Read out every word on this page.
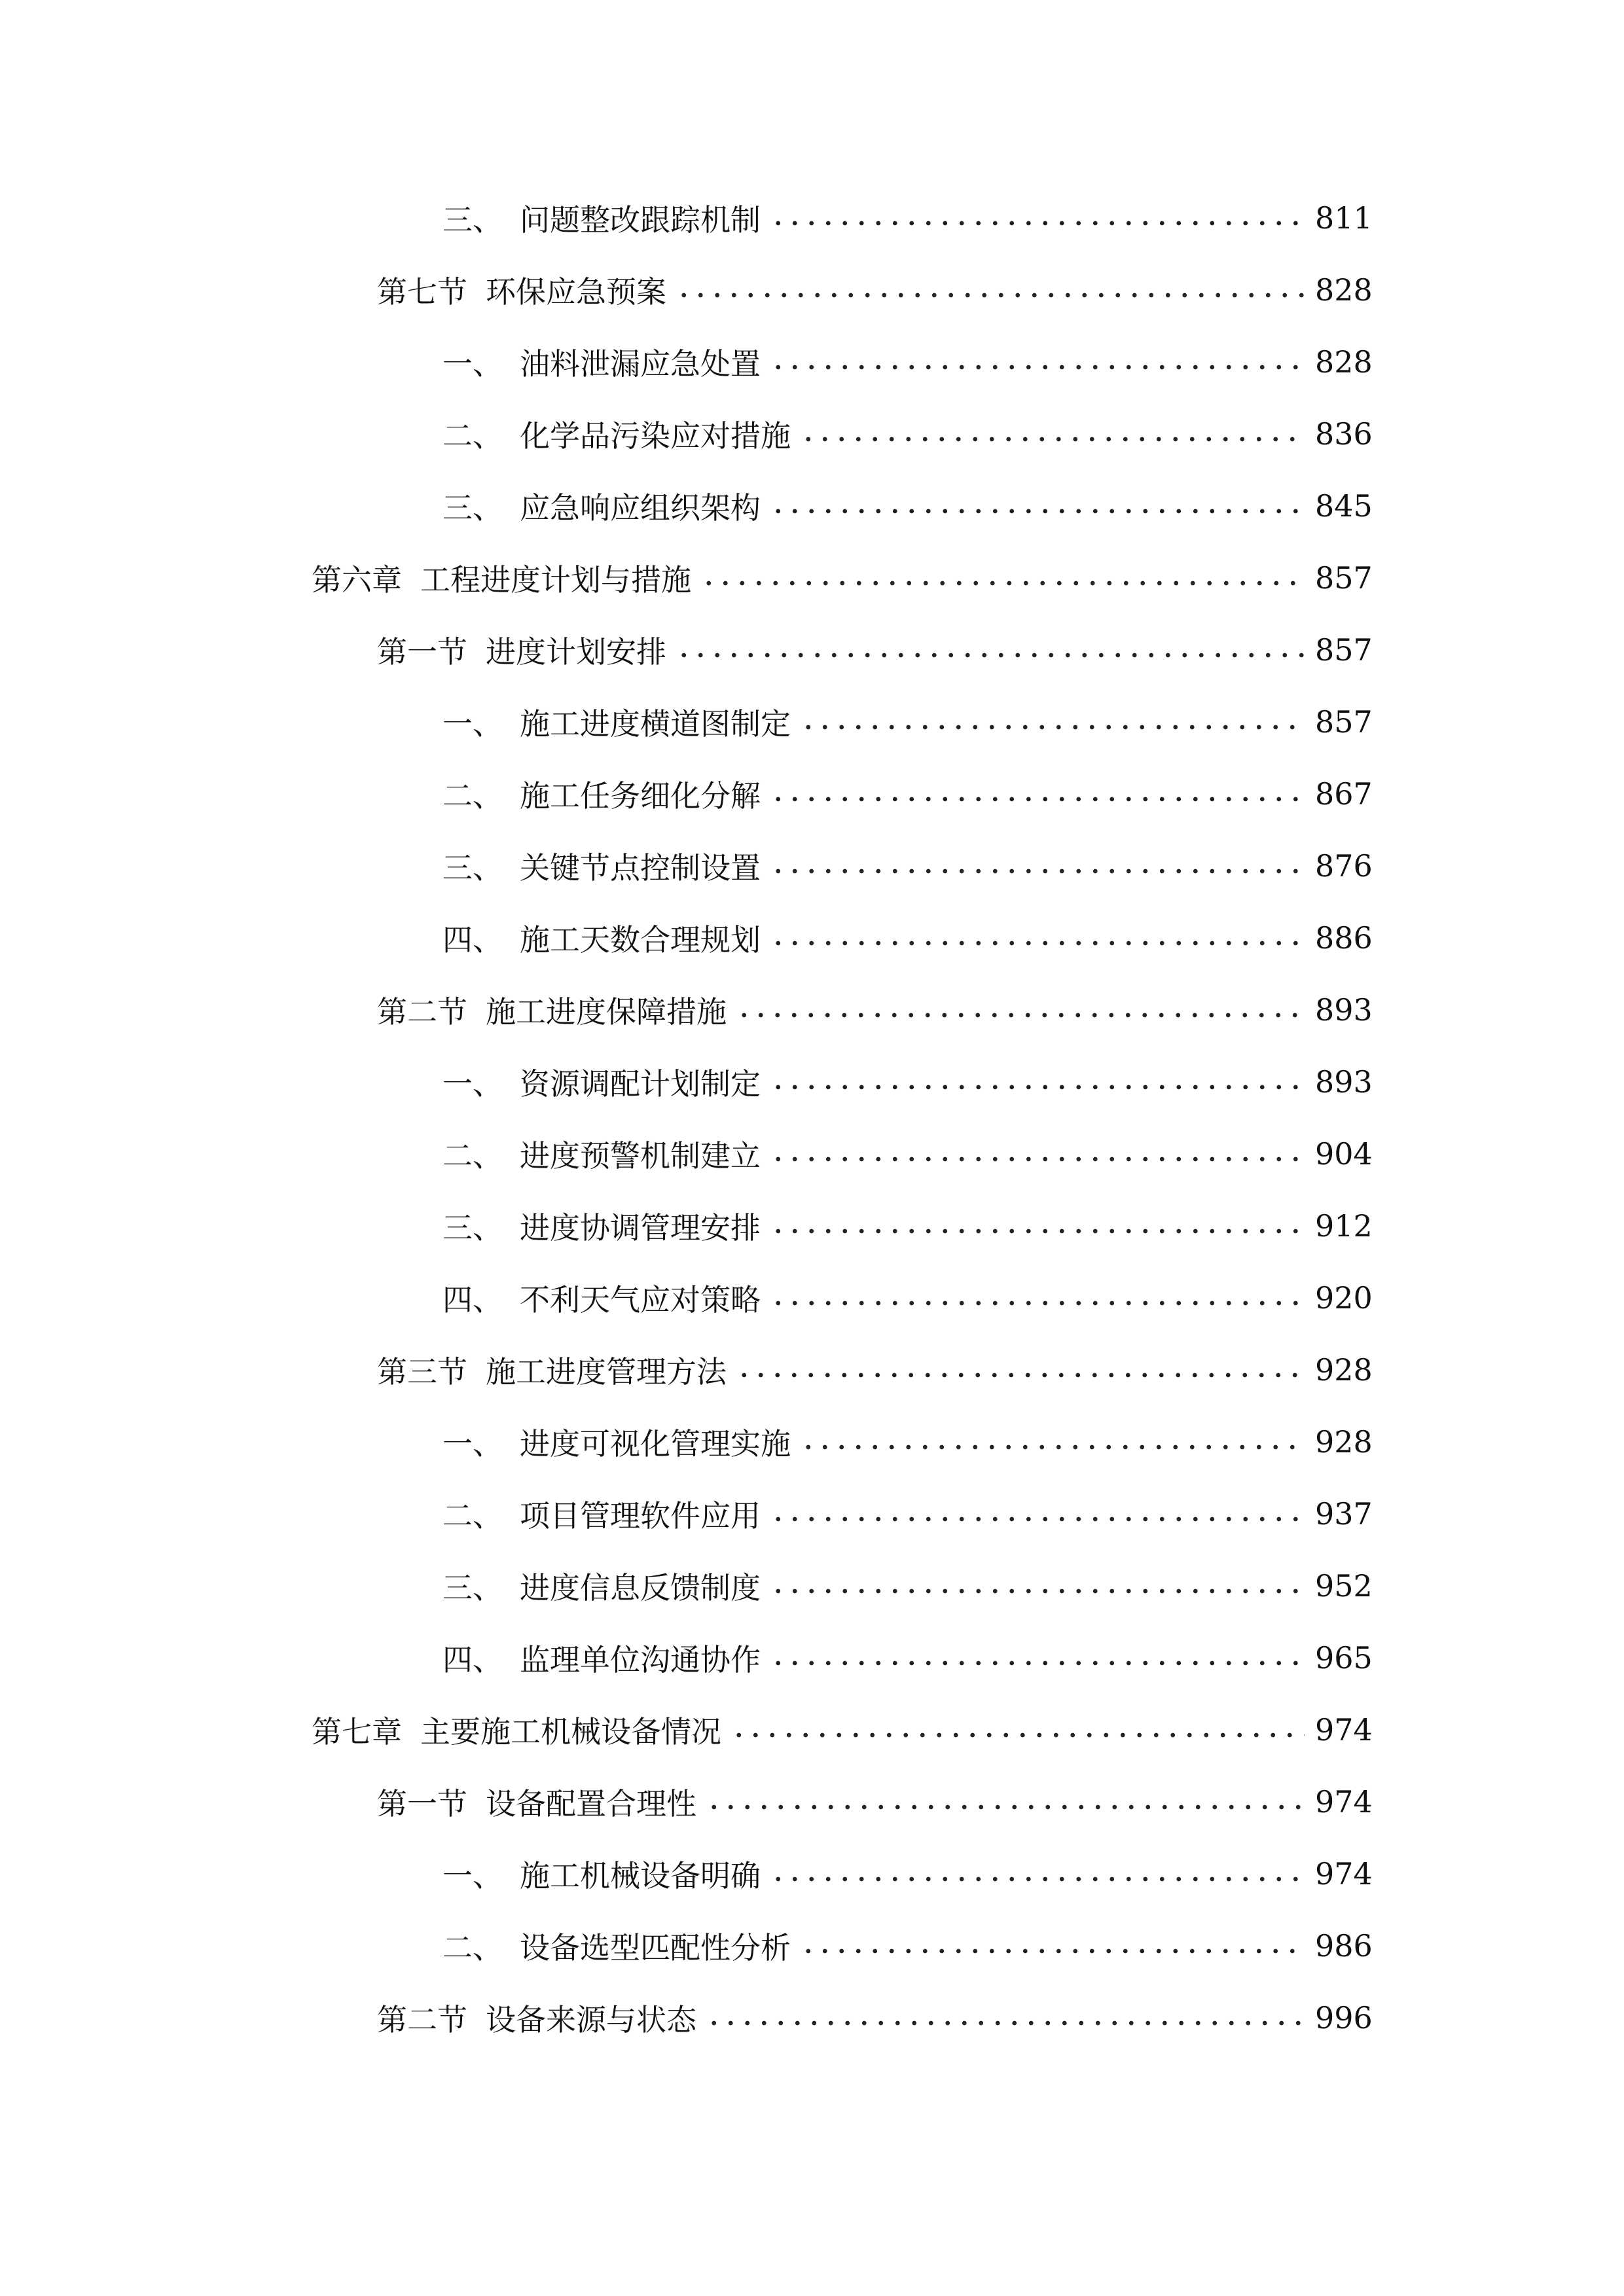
三、 问题整改跟踪机制	811
第七节 环保应急预案	828
一、 油料泄漏应急处置	828
二、 化学品污染应对措施	836
三、 应急响应组织架构	845
第六章 工程进度计划与措施	857
第一节 进度计划安排	857
一、 施工进度横道图制定	857
二、 施工任务细化分解	867
三、 关键节点控制设置	876
四、 施工天数合理规划	886
第二节 施工进度保障措施	893
一、 资源调配计划制定	893
二、 进度预警机制建立	904
三、 进度协调管理安排	912
四、 不利天气应对策略	920
第三节 施工进度管理方法	928
一、 进度可视化管理实施	928
二、 项目管理软件应用	937
三、 进度信息反馈制度	952
四、 监理单位沟通协作	965
第七章 主要施工机械设备情况	974
第一节 设备配置合理性	974
一、 施工机械设备明确	974
二、 设备选型匹配性分析	986
第二节 设备来源与状态	996
